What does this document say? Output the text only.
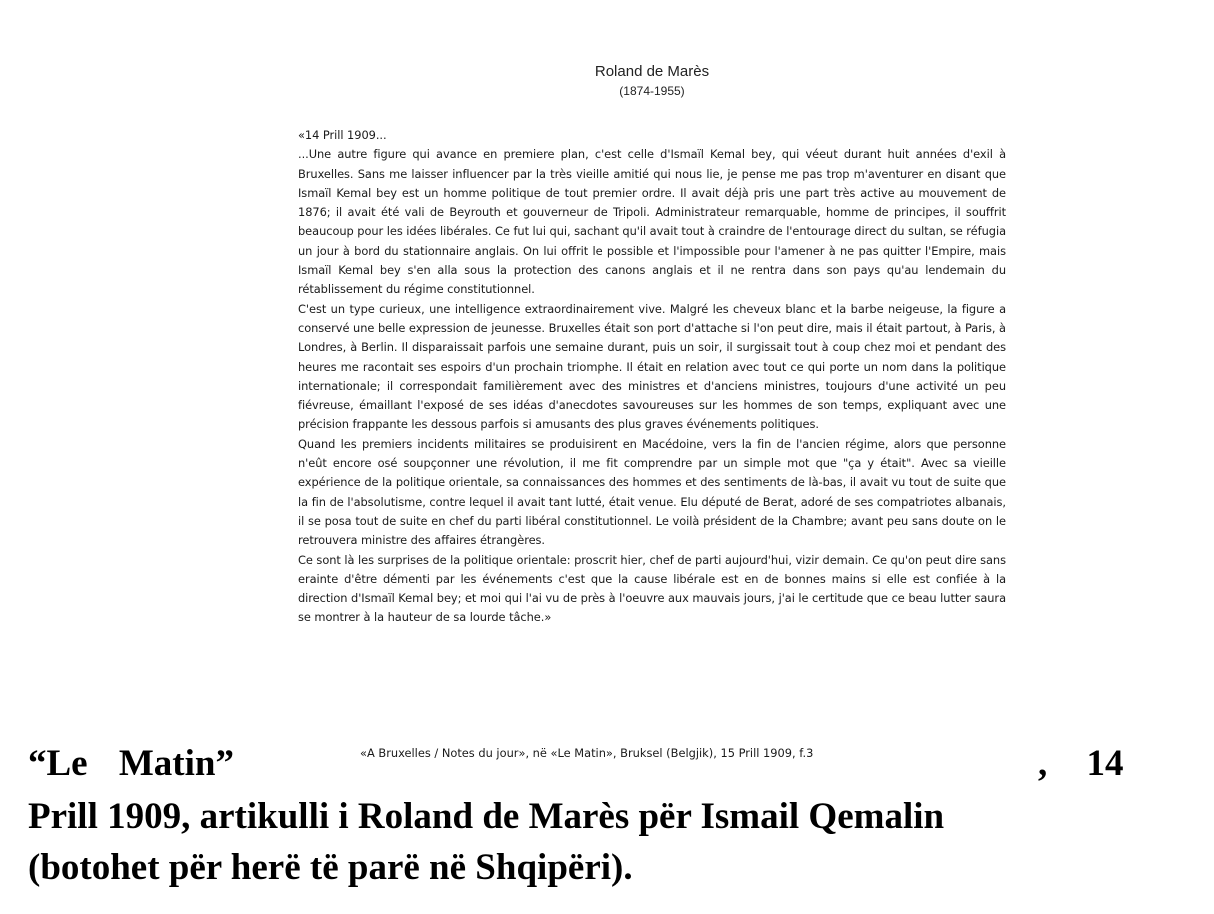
Roland de Marès
(1874-1955)

«14 Prill 1909...

...Une autre figure qui avance en premiere plan, c'est celle d'Ismaïl Kemal bey, qui véeut durant huit années d'exil à Bruxelles. Sans me laisser influencer par la très vieille amitié qui nous lie, je pense me pas trop m'aventurer en disant que Ismaïl Kemal bey est un homme politique de tout premier ordre. Il avait déjà pris une part très active au mouvement de 1876; il avait été vali de Beyrouth et gouverneur de Tripoli. Administrateur remarquable, homme de principes, il souffrit beaucoup pour les idées libérales. Ce fut lui qui, sachant qu'il avait tout à craindre de l'entourage direct du sultan, se réfugia un jour à bord du stationnaire anglais. On lui offrit le possible et l'impossible pour l'amener à ne pas quitter l'Empire, mais Ismaïl Kemal bey s'en alla sous la protection des canons anglais et il ne rentra dans son pays qu'au lendemain du rétablissement du régime constitutionnel.

C'est un type curieux, une intelligence extraordinairement vive. Malgré les cheveux blanc et la barbe neigeuse, la figure a conservé une belle expression de jeunesse. Bruxelles était son port d'attache si l'on peut dire, mais il était partout, à Paris, à Londres, à Berlin. Il disparaissait parfois une semaine durant, puis un soir, il surgissait tout à coup chez moi et pendant des heures me racontait ses espoirs d'un prochain triomphe. Il était en relation avec tout ce qui porte un nom dans la politique internationale; il correspondait familièrement avec des ministres et d'anciens ministres, toujours d'une activité un peu fiévreuse, émaillant l'exposé de ses idéas d'anecdotes savoureuses sur les hommes de son temps, expliquant avec une précision frappante les dessous parfois si amusants des plus graves événements politiques.

Quand les premiers incidents militaires se produisirent en Macédoine, vers la fin de l'ancien régime, alors que personne n'eût encore osé soupçonner une révolution, il me fit comprendre par un simple mot que "ça y était". Avec sa vieille expérience de la politique orientale, sa connaissances des hommes et des sentiments de là-bas, il avait vu tout de suite que la fin de l'absolutisme, contre lequel il avait tant lutté, était venue. Elu député de Berat, adoré de ses compatriotes albanais, il se posa tout de suite en chef du parti libéral constitutionnel. Le voilà président de la Chambre; avant peu sans doute on le retrouvera ministre des affaires étrangères.

Ce sont là les surprises de la politique orientale: proscrit hier, chef de parti aujourd'hui, vizir demain. Ce qu'on peut dire sans erainte d'être démenti par les événements c'est que la cause libérale est en de bonnes mains si elle est confiée à la direction d'Ismaïl Kemal bey; et moi qui l'ai vu de près à l'oeuvre aux mauvais jours, j'ai le certitude que ce beau lutter saura se montrer à la hauteur de sa lourde tâche.»

«A Bruxelles / Notes du jour», në «Le Matin», Bruksel (Belgjik), 15 Prill 1909, f.3
“Le Matin”	, 14
Prill 1909, artikulli i Roland de Marès për Ismail Qemalin
(botohet për herë të parë në Shqipëri).
